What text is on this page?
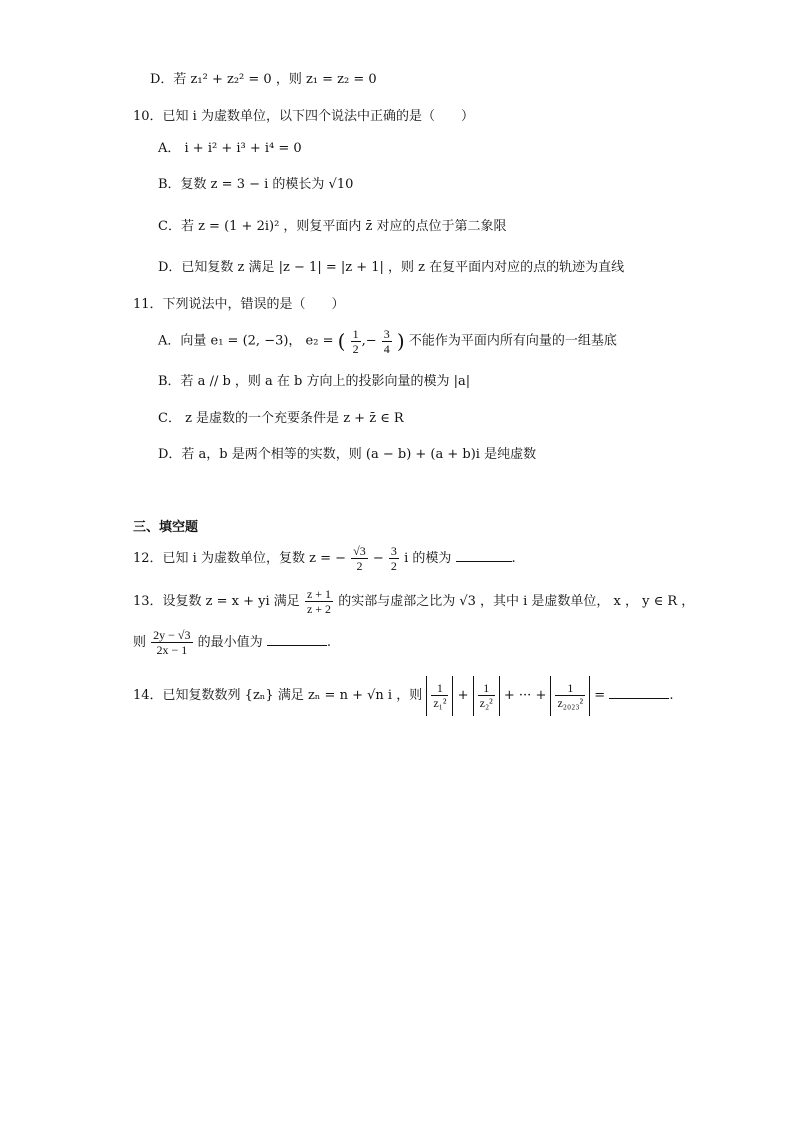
D．若 z₁² + z₂² = 0 ，则 z₁ = z₂ = 0
10．已知 i 为虚数单位，以下四个说法中正确的是（　　）
A． i + i² + i³ + i⁴ = 0
B．复数 z = 3 − i 的模长为 √10
C．若 z = (1 + 2i)² ，则复平面内 z̄ 对应的点位于第二象限
D．已知复数 z 满足 |z − 1| = |z + 1| ，则 z 在复平面内对应的点的轨迹为直线
11．下列说法中，错误的是（　　）
A．向量 e₁ = (2, −3)， e₂ = ( $\frac{1}{2}$ ,− $\frac{3}{4}$ ) 不能作为平面内所有向量的一组基底
B．若 a // b ，则 a 在 b 方向上的投影向量的模为 |a|
C． z 是虚数的一个充要条件是 z + z̄ ∈ R
D．若 a，b 是两个相等的实数，则 (a − b) + (a + b)i 是纯虚数
三、填空题
12．已知 i 为虚数单位，复数 z = − $\frac{√3}{2} - \frac{3}{2}$ i 的模为	.
13．设复数 z = x + yi 满足 $\frac{z + 1}{z + 2}$ 的实部与虚部之比为 √3 ，其中 i 是虚数单位， x ， y ∈ R ，
则 $\frac{2y - √3}{2x - 1}$ 的最小值为	.
14．已知复数数列 {zₙ} 满足 zₙ = n + √n i ，则 $\frac{1}{\text{z₁²}} + \frac{1}{\text{z₂²}}$ + ··· + $\frac{1}{\text{z₂₀₂₃²}}$ =	.
